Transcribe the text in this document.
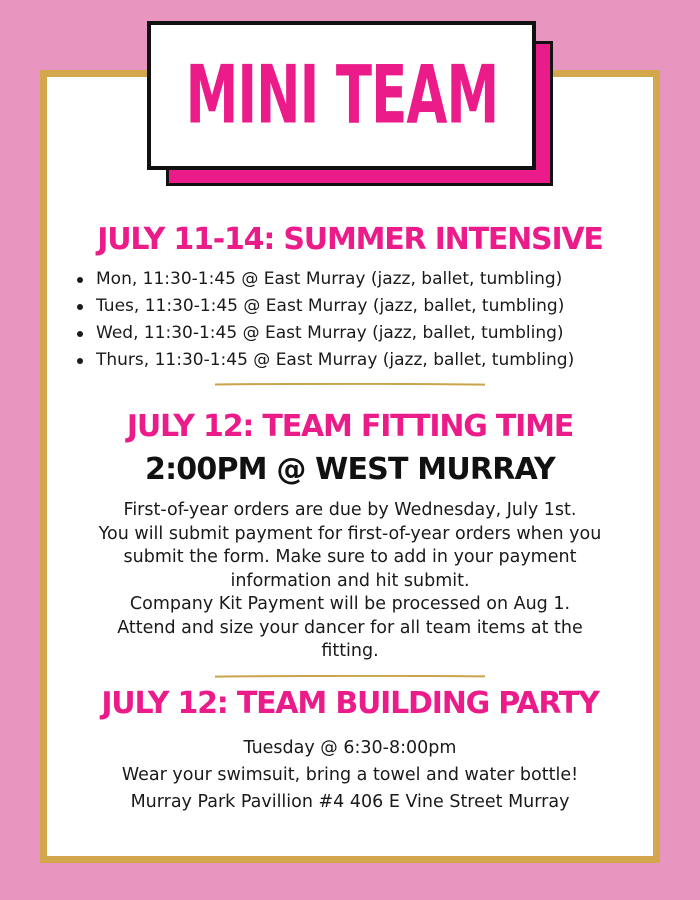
MINI TEAM
JULY 11-14: SUMMER INTENSIVE
Mon, 11:30-1:45 @ East Murray (jazz, ballet, tumbling)
Tues, 11:30-1:45 @ East Murray (jazz, ballet, tumbling)
Wed, 11:30-1:45 @ East Murray (jazz, ballet, tumbling)
Thurs, 11:30-1:45 @ East Murray (jazz, ballet, tumbling)
JULY 12: TEAM FITTING TIME
2:00PM @ WEST MURRAY
First-of-year orders are due by Wednesday, July 1st.
You will submit payment for first-of-year orders when you
submit the form. Make sure to add in your payment
information and hit submit.
Company Kit Payment will be processed on Aug 1.
Attend and size your dancer for all team items at the
fitting.
JULY 12: TEAM BUILDING PARTY
Tuesday @ 6:30-8:00pm
Wear your swimsuit, bring a towel and water bottle!
Murray Park Pavillion #4 406 E Vine Street Murray
